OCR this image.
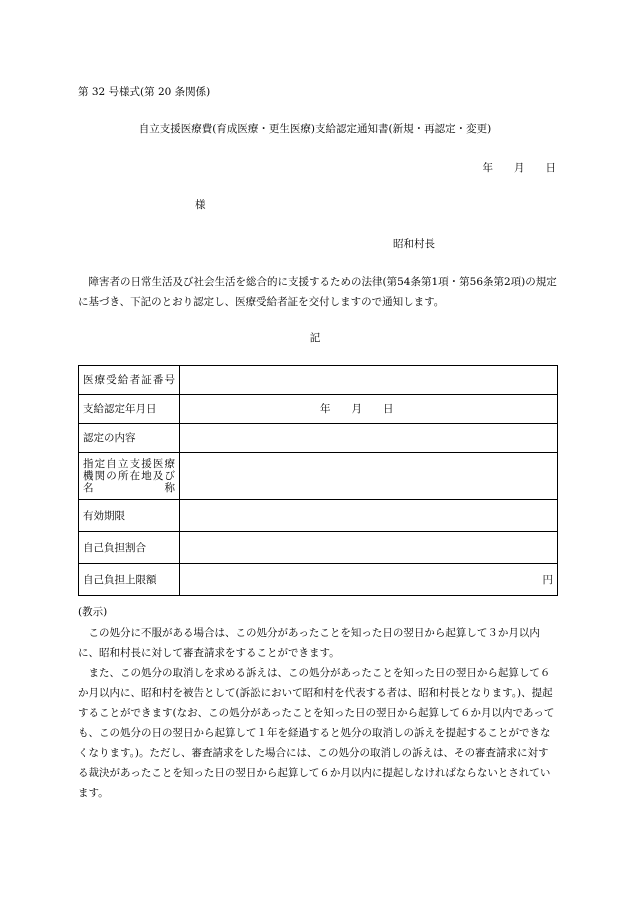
第 32 号様式(第 20 条関係)
自立支援医療費(育成医療・更生医療)支給認定通知書(新規・再認定・変更)
年　　月　　日
様
昭和村長
障害者の日常生活及び社会生活を総合的に支援するための法律(第54条第1項・第56条第2項)の規定に基づき、下記のとおり認定し、医療受給者証を交付しますので通知します。
記
医療受給者証番号	
支給認定年月日	年　　月　　日
認定の内容	
指定自立支援医療機関の所在地及び名称	
有効期限	
自己負担割合	
自己負担上限額	円
(教示)
この処分に不服がある場合は、この処分があったことを知った日の翌日から起算して３か月以内に、昭和村長に対して審査請求をすることができます。
また、この処分の取消しを求める訴えは、この処分があったことを知った日の翌日から起算して６か月以内に、昭和村を被告として(訴訟において昭和村を代表する者は、昭和村長となります。)、提起することができます(なお、この処分があったことを知った日の翌日から起算して６か月以内であっても、この処分の日の翌日から起算して１年を経過すると処分の取消しの訴えを提起することができなくなります。)。ただし、審査請求をした場合には、この処分の取消しの訴えは、その審査請求に対する裁決があったことを知った日の翌日から起算して６か月以内に提起しなければならないとされています。
